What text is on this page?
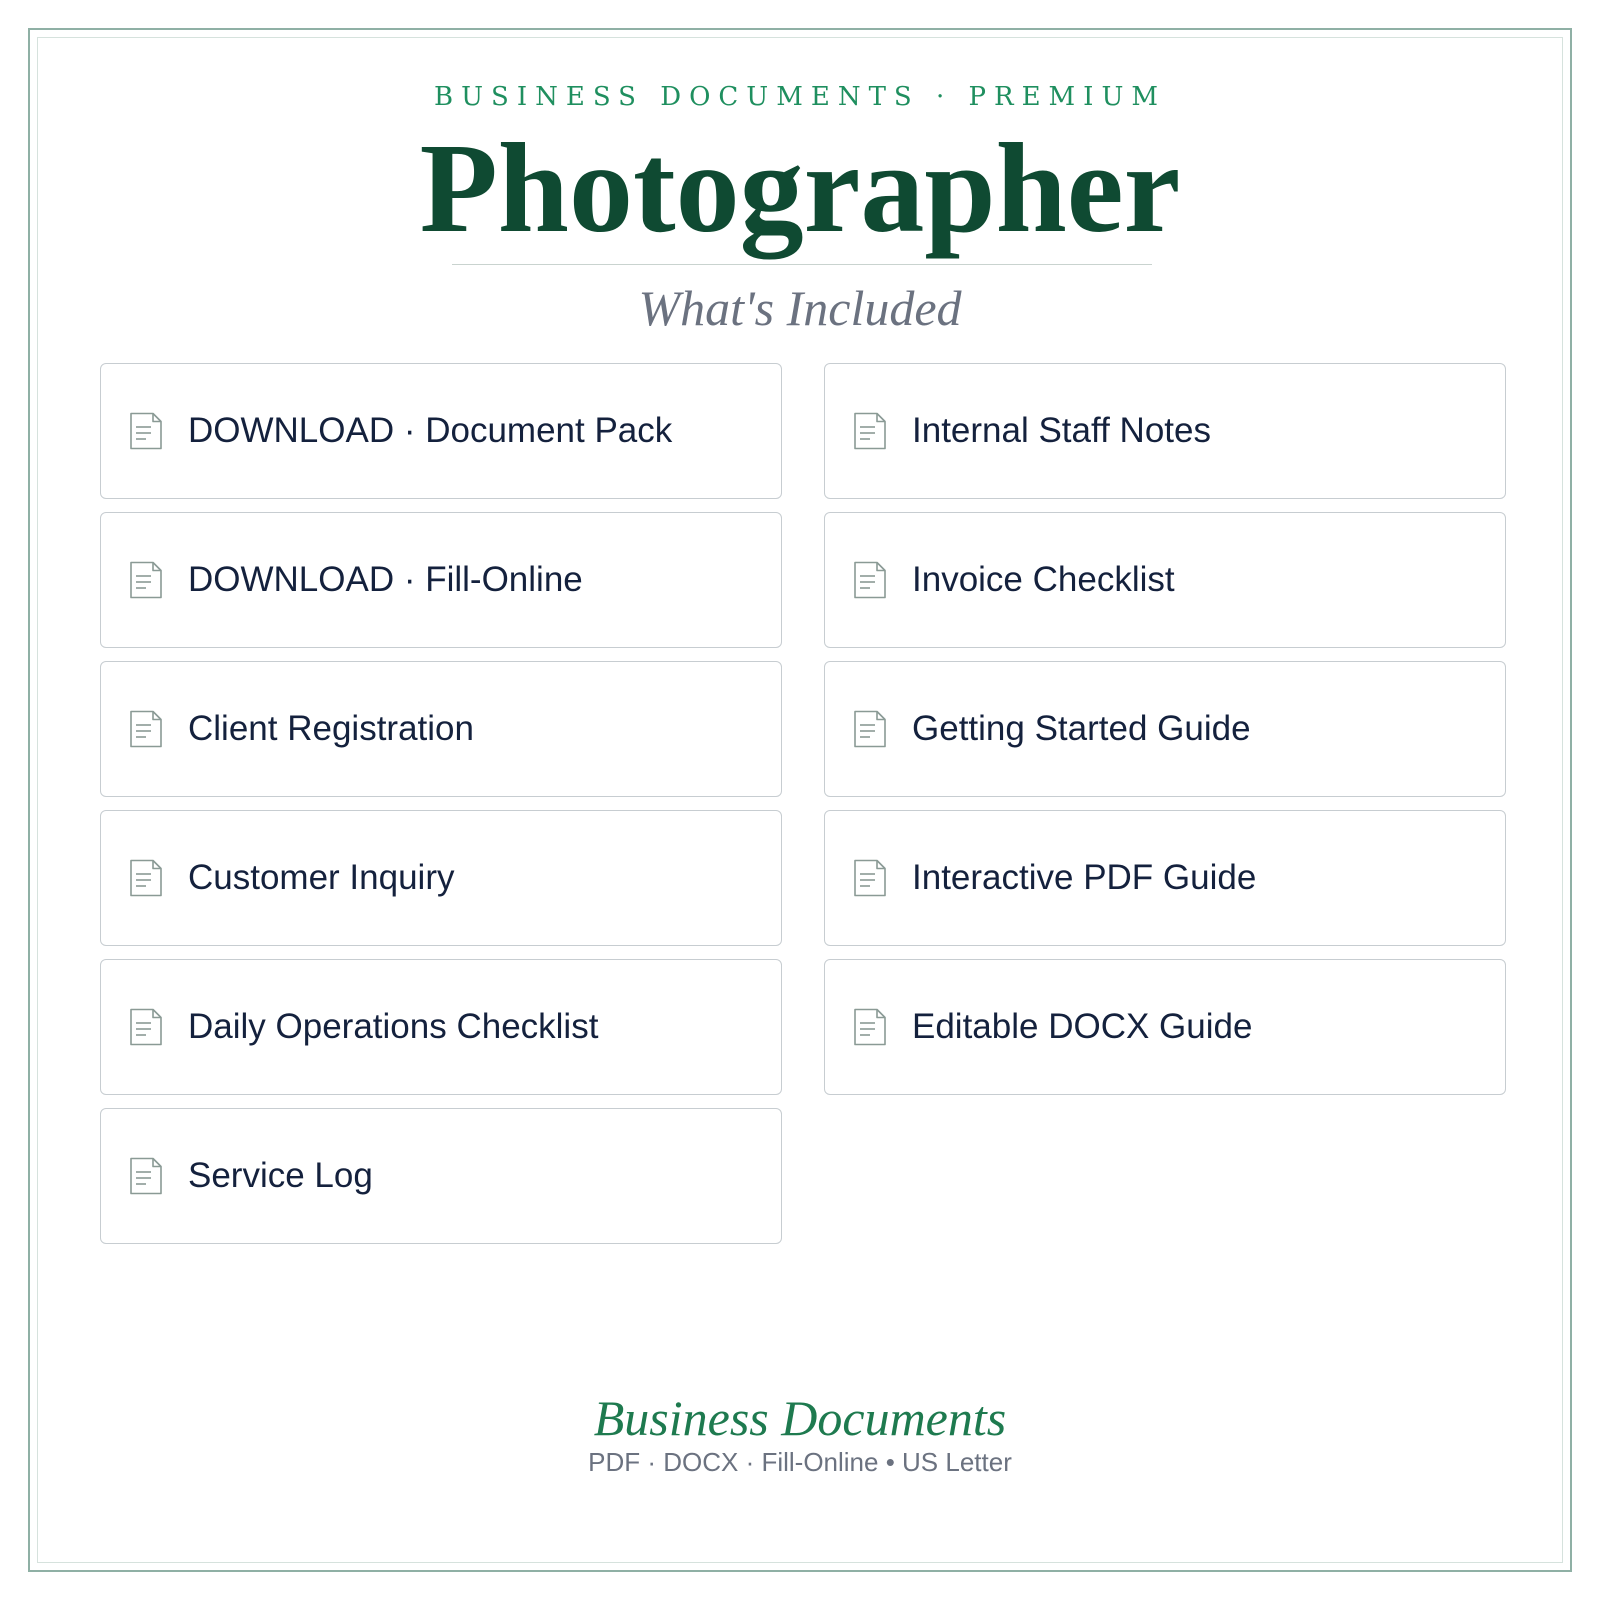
BUSINESS DOCUMENTS · PREMIUM
Photographer
What's Included
DOWNLOAD · Document Pack	Internal Staff Notes
DOWNLOAD · Fill-Online	Invoice Checklist
Client Registration	Getting Started Guide
Customer Inquiry	Interactive PDF Guide
Daily Operations Checklist	Editable DOCX Guide
Service Log
Business Documents
PDF · DOCX · Fill-Online • US Letter
